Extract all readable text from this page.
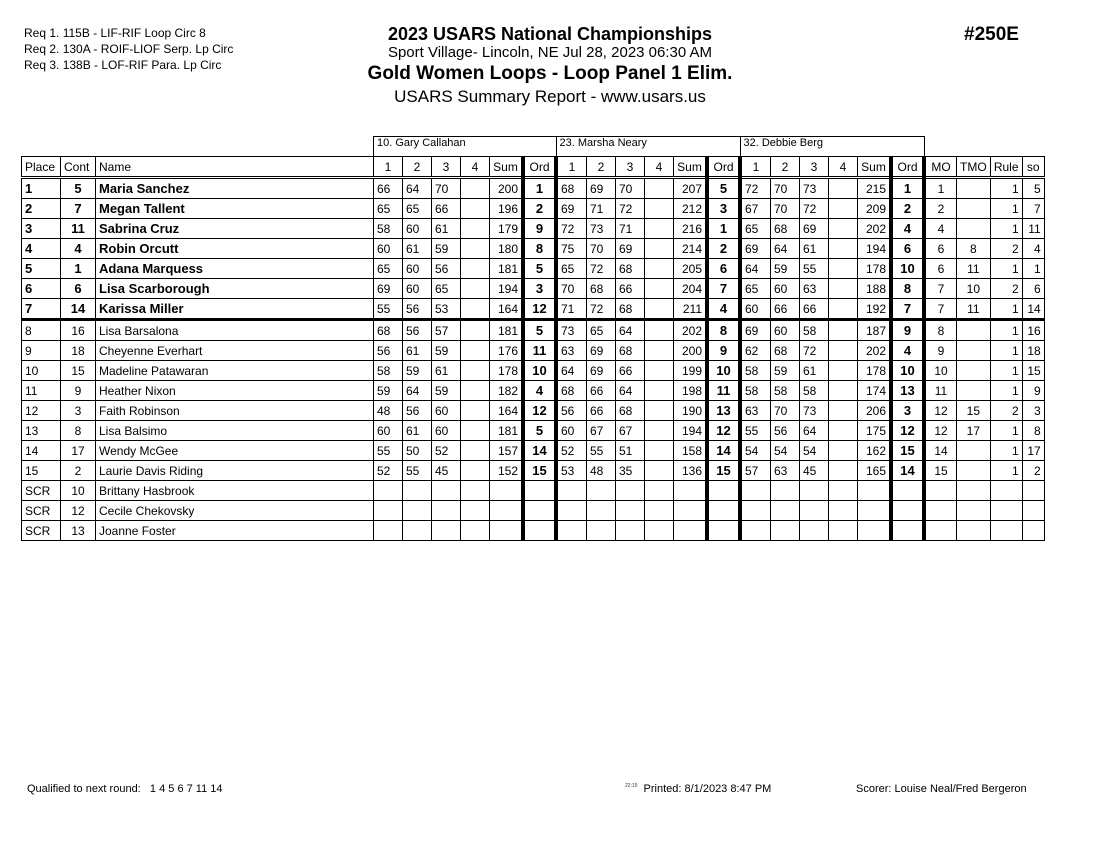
Req 1. 115B - LIF-RIF Loop Circ 8
Req 2. 130A - ROIF-LIOF Serp. Lp Circ
Req 3. 138B - LOF-RIF Para. Lp Circ
2023 USARS National Championships
Sport Village- Lincoln, NE Jul 28, 2023 06:30 AM
Gold Women Loops - Loop Panel 1 Elim.
USARS Summary Report - www.usars.us
#250E
			10. Gary Callahan						23. Marsha Neary						32. Debbie Berg									
Place	Cont	Name	1	2	3	4	Sum	Ord	1	2	3	4	Sum	Ord	1	2	3	4	Sum	Ord	MO	TMO	Rule	so
1	5	Maria Sanchez	66	64	70		200	1	68	69	70		207	5	72	70	73		215	1	1		1	5
2	7	Megan Tallent	65	65	66		196	2	69	71	72		212	3	67	70	72		209	2	2		1	7
3	11	Sabrina Cruz	58	60	61		179	9	72	73	71		216	1	65	68	69		202	4	4		1	11
4	4	Robin Orcutt	60	61	59		180	8	75	70	69		214	2	69	64	61		194	6	6	8	2	4
5	1	Adana Marquess	65	60	56		181	5	65	72	68		205	6	64	59	55		178	10	6	11	1	1
6	6	Lisa Scarborough	69	60	65		194	3	70	68	66		204	7	65	60	63		188	8	7	10	2	6
7	14	Karissa Miller	55	56	53		164	12	71	72	68		211	4	60	66	66		192	7	7	11	1	14
8	16	Lisa Barsalona	68	56	57		181	5	73	65	64		202	8	69	60	58		187	9	8		1	16
9	18	Cheyenne Everhart	56	61	59		176	11	63	69	68		200	9	62	68	72		202	4	9		1	18
10	15	Madeline Patawaran	58	59	61		178	10	64	69	66		199	10	58	59	61		178	10	10		1	15
11	9	Heather Nixon	59	64	59		182	4	68	66	64		198	11	58	58	58		174	13	11		1	9
12	3	Faith Robinson	48	56	60		164	12	56	66	68		190	13	63	70	73		206	3	12	15	2	3
13	8	Lisa Balsimo	60	61	60		181	5	60	67	67		194	12	55	56	64		175	12	12	17	1	8
14	17	Wendy McGee	55	50	52		157	14	52	55	51		158	14	54	54	54		162	15	14		1	17
15	2	Laurie Davis Riding	52	55	45		152	15	53	48	35		136	15	57	63	45		165	14	15		1	2
SCR	10	Brittany Hasbrook																						
SCR	12	Cecile Chekovsky																						
SCR	13	Joanne Foster																						
Qualified to next round: 1 4 5 6 7 11 14	$^{22:15}$ Printed: 8/1/2023 8:47 PM	Scorer: Louise Neal/Fred Bergeron
